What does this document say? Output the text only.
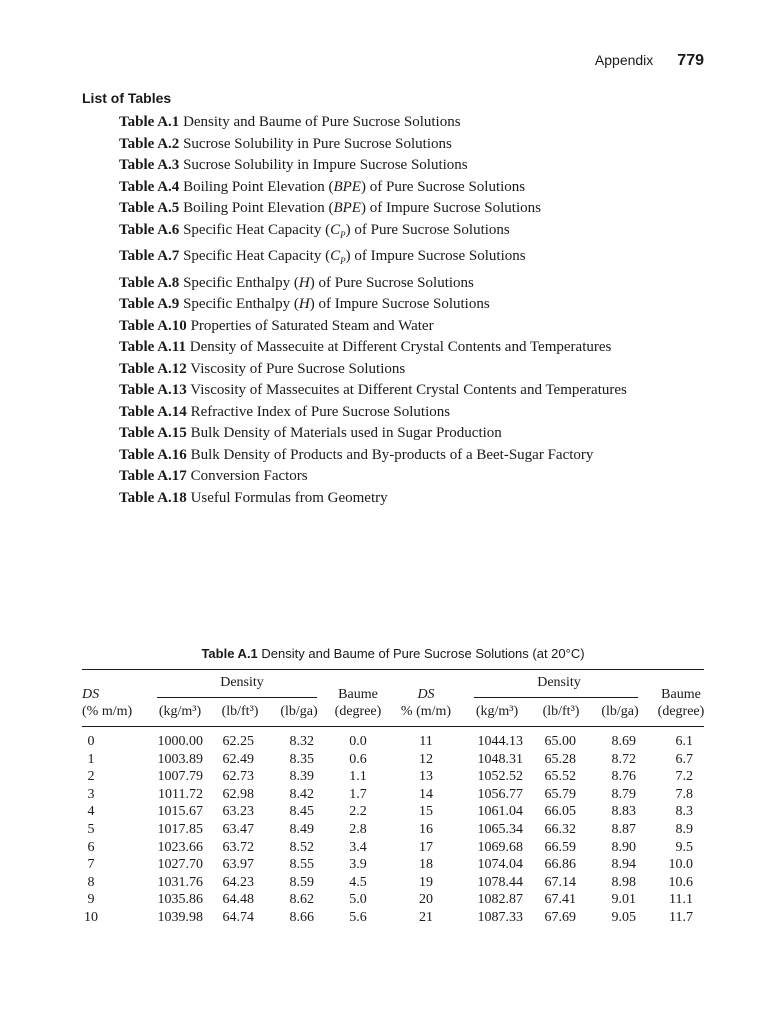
Appendix 779
List of Tables
Table A.1 Density and Baume of Pure Sucrose Solutions
Table A.2 Sucrose Solubility in Pure Sucrose Solutions
Table A.3 Sucrose Solubility in Impure Sucrose Solutions
Table A.4 Boiling Point Elevation (BPE) of Pure Sucrose Solutions
Table A.5 Boiling Point Elevation (BPE) of Impure Sucrose Solutions
Table A.6 Specific Heat Capacity $(C_P)$ of Pure Sucrose Solutions
Table A.7 Specific Heat Capacity $(C_P)$ of Impure Sucrose Solutions
Table A.8 Specific Enthalpy (H) of Pure Sucrose Solutions
Table A.9 Specific Enthalpy (H) of Impure Sucrose Solutions
Table A.10 Properties of Saturated Steam and Water
Table A.11 Density of Massecuite at Different Crystal Contents and Temperatures
Table A.12 Viscosity of Pure Sucrose Solutions
Table A.13 Viscosity of Massecuites at Different Crystal Contents and Temperatures
Table A.14 Refractive Index of Pure Sucrose Solutions
Table A.15 Bulk Density of Materials used in Sugar Production
Table A.16 Bulk Density of Products and By-products of a Beet-Sugar Factory
Table A.17 Conversion Factors
Table A.18 Useful Formulas from Geometry
Table A.1 Density and Baume of Pure Sucrose Solutions (at 20°C)
DS
(% m/m)
Density
(kg/m³) (lb/ft³) (lb/ga)
Baume
(degree)
DS
% (m/m)
Density
(kg/m³) (lb/ft³) (lb/ga)
Baume
(degree)
0
1
2
3
4
5
6
7
8
9
10
1000.00
1003.89
1007.79
1011.72
1015.67
1017.85
1023.66
1027.70
1031.76
1035.86
1039.98
62.25
62.49
62.73
62.98
63.23
63.47
63.72
63.97
64.23
64.48
64.74
8.32
8.35
8.39
8.42
8.45
8.49
8.52
8.55
8.59
8.62
8.66
0.0
0.6
1.1
1.7
2.2
2.8
3.4
3.9
4.5
5.0
5.6
11
12
13
14
15
16
17
18
19
20
21
1044.13
1048.31
1052.52
1056.77
1061.04
1065.34
1069.68
1074.04
1078.44
1082.87
1087.33
65.00
65.28
65.52
65.79
66.05
66.32
66.59
66.86
67.14
67.41
67.69
8.69
8.72
8.76
8.79
8.83
8.87
8.90
8.94
8.98
9.01
9.05
6.1
6.7
7.2
7.8
8.3
8.9
9.5
10.0
10.6
11.1
11.7
